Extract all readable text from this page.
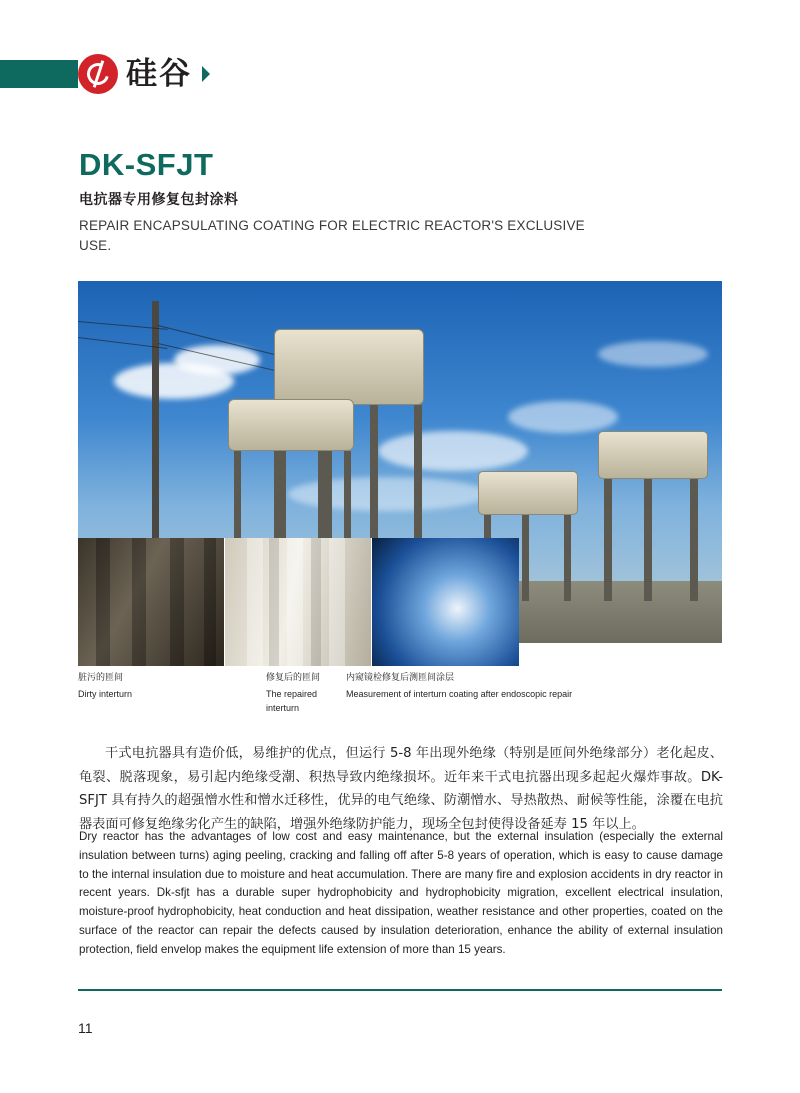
硅谷
DK-SFJT
电抗器专用修复包封涂料
REPAIR ENCAPSULATING COATING FOR ELECTRIC REACTOR'S EXCLUSIVE USE.
脏污的匝间
Dirty interturn
修复后的匝间
The repaired interturn
内窥镜检修复后测匝间涂层
Measurement of interturn coating after endoscopic repair
干式电抗器具有造价低，易维护的优点，但运行 5-8 年出现外绝缘（特别是匝间外绝缘部分）老化起皮、龟裂、脱落现象，易引起内绝缘受潮、积热导致内绝缘损坏。近年来干式电抗器出现多起起火爆炸事故。DK-SFJT 具有持久的超强憎水性和憎水迁移性，优异的电气绝缘、防潮憎水、导热散热、耐候等性能，涂覆在电抗器表面可修复绝缘劣化产生的缺陷，增强外绝缘防护能力，现场全包封使得设备延寿 15 年以上。
Dry reactor has the advantages of low cost and easy maintenance, but the external insulation (especially the external insulation between turns) aging peeling, cracking and falling off after 5-8 years of operation, which is easy to cause damage to the internal insulation due to moisture and heat accumulation. There are many fire and explosion accidents in dry reactor in recent years. Dk-sfjt has a durable super hydrophobicity and hydrophobicity migration, excellent electrical insulation, moisture-proof hydrophobicity, heat conduction and heat dissipation, weather resistance and other properties, coated on the surface of the reactor can repair the defects caused by insulation deterioration, enhance the ability of external insulation protection, field envelop makes the equipment life extension of more than 15 years.
11
